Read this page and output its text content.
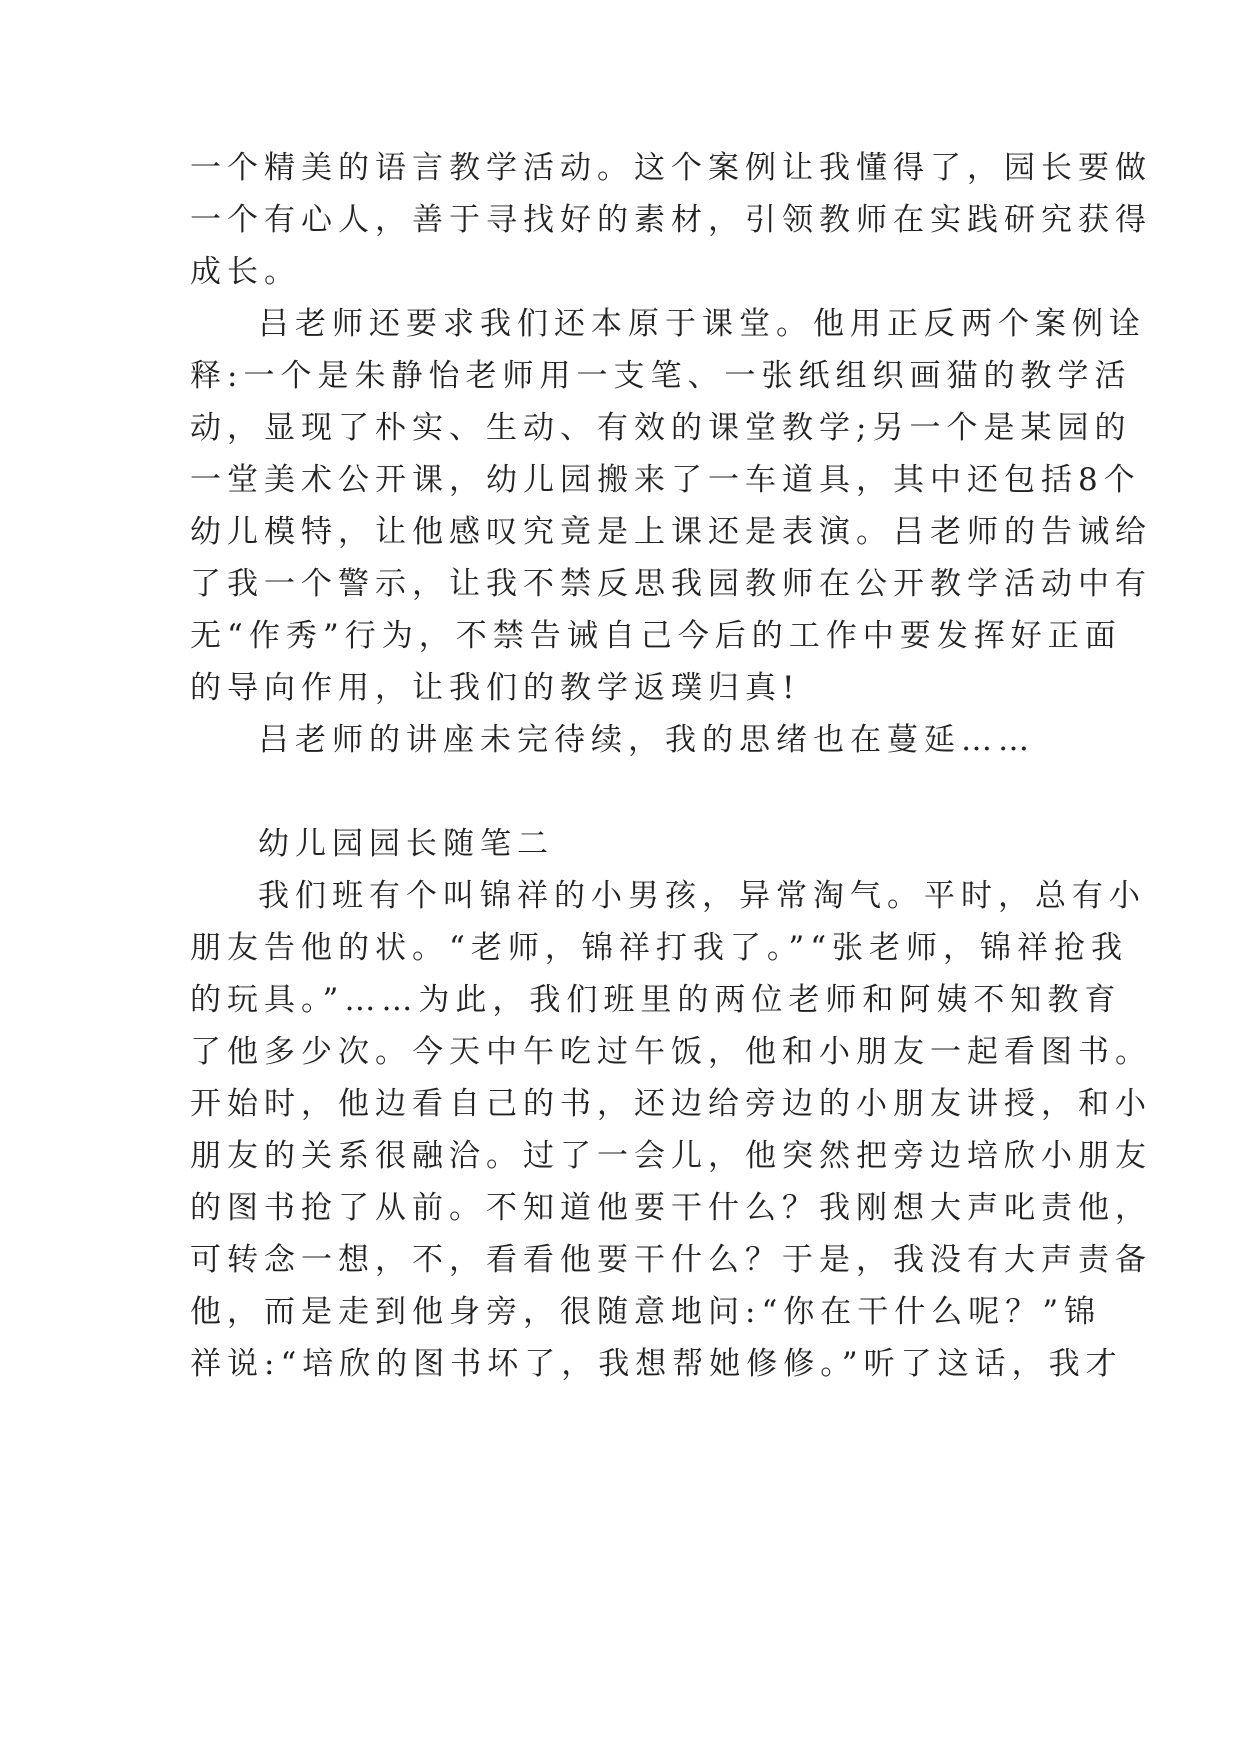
一个精美的语言教学活动。这个案例让我懂得了，园长要做
一个有心人，善于寻找好的素材，引领教师在实践研究获得
成长。
吕老师还要求我们还本原于课堂。他用正反两个案例诠
释:一个是朱静怡老师用一支笔、一张纸组织画猫的教学活
动，显现了朴实、生动、有效的课堂教学;另一个是某园的
一堂美术公开课，幼儿园搬来了一车道具，其中还包括8个
幼儿模特，让他感叹究竟是上课还是表演。吕老师的告诫给
了我一个警示，让我不禁反思我园教师在公开教学活动中有
无“作秀”行为，不禁告诫自己今后的工作中要发挥好正面
的导向作用，让我们的教学返璞归真!
吕老师的讲座未完待续，我的思绪也在蔓延……
幼儿园园长随笔二
我们班有个叫锦祥的小男孩，异常淘气。平时，总有小
朋友告他的状。“老师，锦祥打我了。”“张老师，锦祥抢我
的玩具。”……为此，我们班里的两位老师和阿姨不知教育
了他多少次。今天中午吃过午饭，他和小朋友一起看图书。
开始时，他边看自己的书，还边给旁边的小朋友讲授，和小
朋友的关系很融洽。过了一会儿，他突然把旁边培欣小朋友
的图书抢了从前。不知道他要干什么？我刚想大声叱责他，
可转念一想，不，看看他要干什么？于是，我没有大声责备
他，而是走到他身旁，很随意地问:“你在干什么呢？”锦
祥说:“培欣的图书坏了，我想帮她修修。”听了这话，我才
